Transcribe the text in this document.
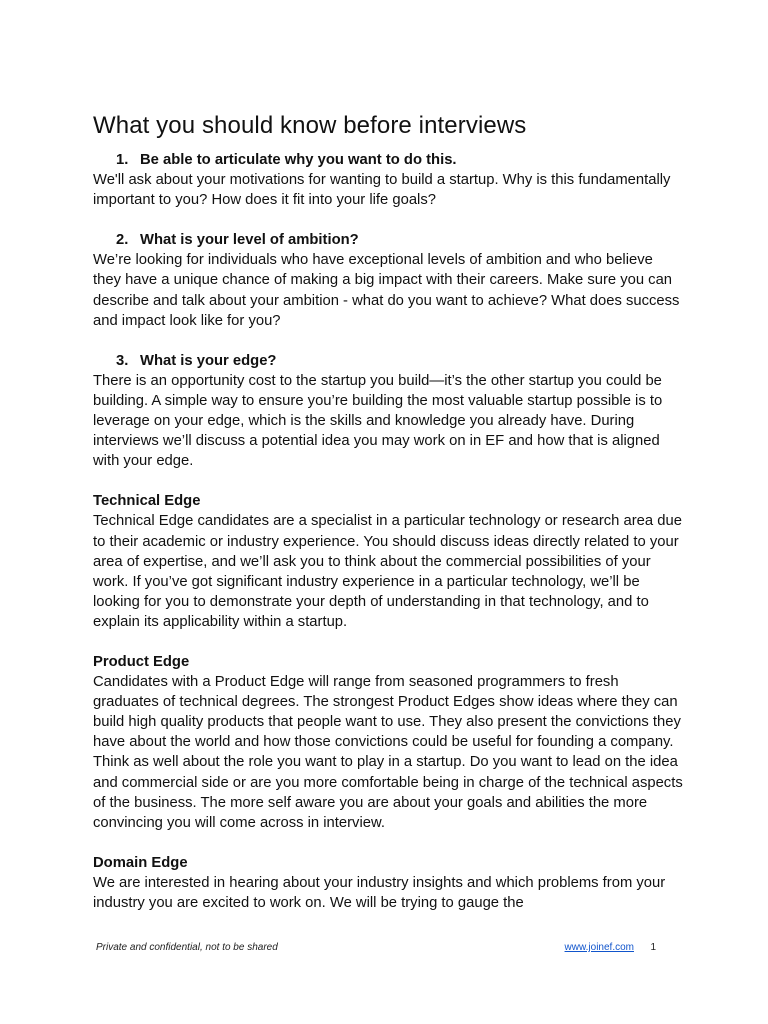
What you should know before interviews

1. Be able to articulate why you want to do this.

We'll ask about your motivations for wanting to build a startup. Why is this fundamentally important to you? How does it fit into your life goals?

2. What is your level of ambition?

We’re looking for individuals who have exceptional levels of ambition and who believe they have a unique chance of making a big impact with their careers. Make sure you can describe and talk about your ambition - what do you want to achieve? What does success and impact look like for you?

3. What is your edge?

There is an opportunity cost to the startup you build—it’s the other startup you could be building. A simple way to ensure you’re building the most valuable startup possible is to leverage on your edge, which is the skills and knowledge you already have. During interviews we’ll discuss a potential idea you may work on in EF and how that is aligned with your edge.

Technical Edge

Technical Edge candidates are a specialist in a particular technology or research area due to their academic or industry experience. You should discuss ideas directly related to your area of expertise, and we’ll ask you to think about the commercial possibilities of your work. If you’ve got significant industry experience in a particular technology, we’ll be looking for you to demonstrate your depth of understanding in that technology, and to explain its applicability within a startup.

Product Edge

Candidates with a Product Edge will range from seasoned programmers to fresh graduates of technical degrees. The strongest Product Edges show ideas where they can build high quality products that people want to use. They also present the convictions they have about the world and how those convictions could be useful for founding a company. Think as well about the role you want to play in a startup. Do you want to lead on the idea and commercial side or are you more comfortable being in charge of the technical aspects of the business. The more self aware you are about your goals and abilities the more convincing you will come across in interview.

Domain Edge

We are interested in hearing about your industry insights and which problems from your industry you are excited to work on. We will be trying to gauge the

Private and confidential, not to be shared	www.joinef.com 1
